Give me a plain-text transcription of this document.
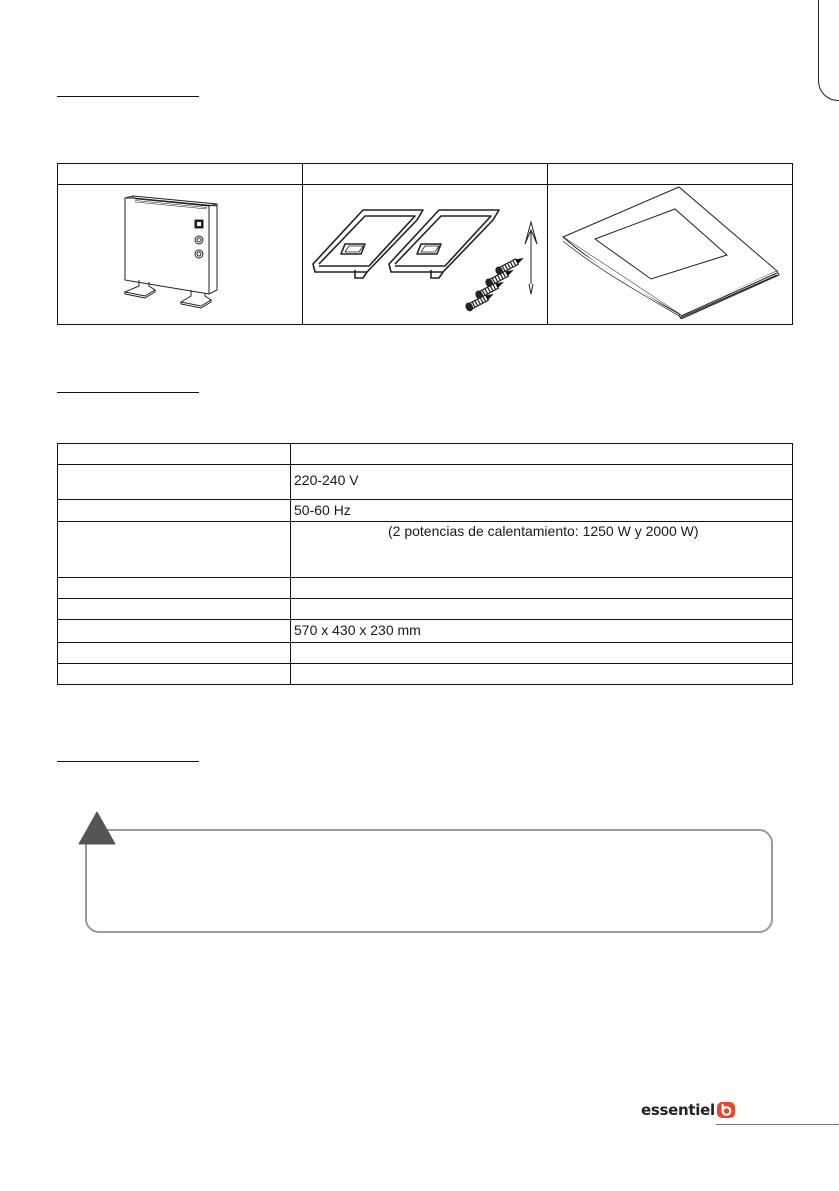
	220-240 V
	50-60 Hz
	(2 potencias de calentamiento: 1250 W y 2000 W)

	570 x 430 x 230 mm

essentiel
